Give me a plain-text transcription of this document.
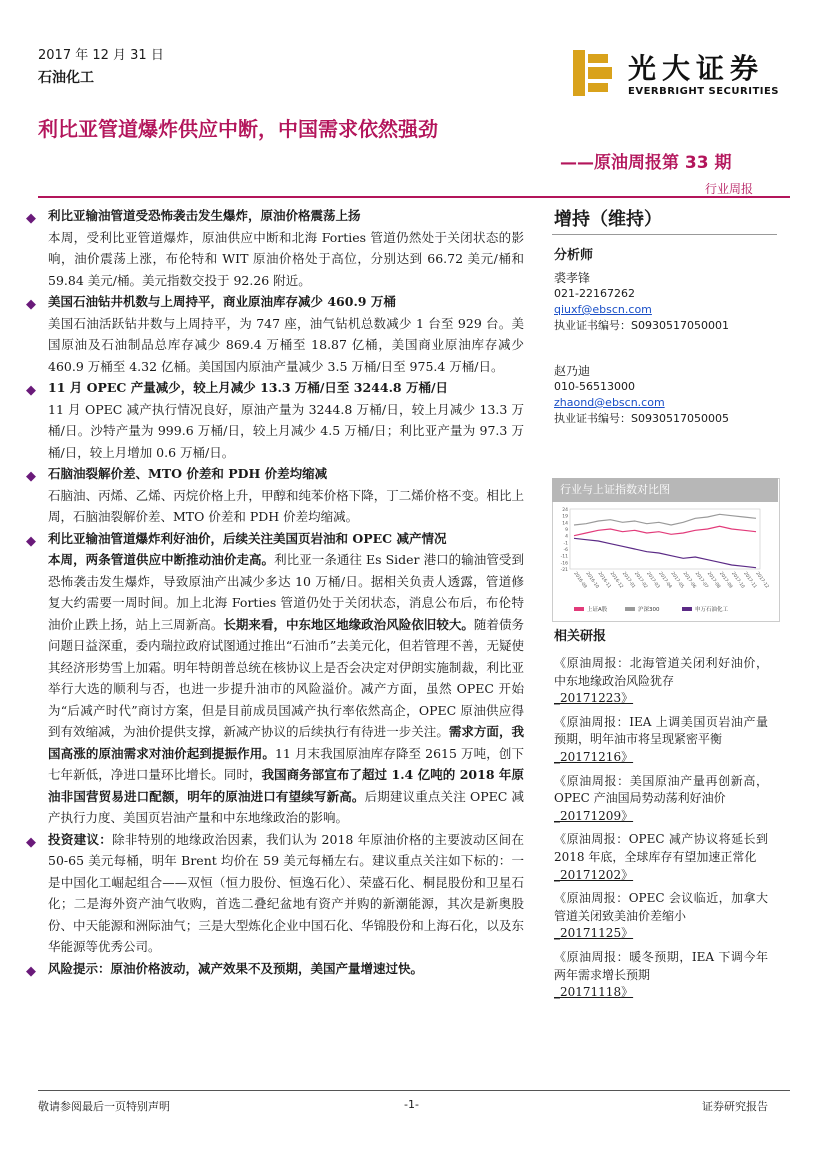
2017 年 12 月 31 日
石油化工	光大证券
EVERBRIGHT SECURITIES
利比亚管道爆炸供应中断，中国需求依然强劲
——原油周报第 33 期
行业周报
◆ 利比亚输油管道受恐怖袭击发生爆炸，原油价格震荡上扬
本周，受利比亚管道爆炸，原油供应中断和北海 Forties 管道仍然处于关闭状态的影响，油价震荡上涨，布伦特和 WIT 原油价格处于高位，分别达到 66.72 美元/桶和 59.84 美元/桶。美元指数交投于 92.26 附近。
◆ 美国石油钻井机数与上周持平，商业原油库存减少 460.9 万桶
美国石油活跃钻井数与上周持平，为 747 座，油气钻机总数减少 1 台至 929 台。美国原油及石油制品总库存减少 869.4 万桶至 18.87 亿桶，美国商业原油库存减少 460.9 万桶至 4.32 亿桶。美国国内原油产量减少 3.5 万桶/日至 975.4 万桶/日。
◆ 11 月 OPEC 产量减少，较上月减少 13.3 万桶/日至 3244.8 万桶/日
11 月 OPEC 减产执行情况良好，原油产量为 3244.8 万桶/日，较上月减少 13.3 万桶/日。沙特产量为 999.6 万桶/日，较上月减少 4.5 万桶/日；利比亚产量为 97.3 万桶/日，较上月增加 0.6 万桶/日。
◆ 石脑油裂解价差、MTO 价差和 PDH 价差均缩减
石脑油、丙烯、乙烯、丙烷价格上升，甲醇和纯苯价格下降，丁二烯价格不变。相比上周，石脑油裂解价差、MTO 价差和 PDH 价差均缩减。
◆ 利比亚输油管道爆炸利好油价，后续关注美国页岩油和 OPEC 减产情况
本周，两条管道供应中断推动油价走高。利比亚一条通往 Es Sider 港口的输油管受到恐怖袭击发生爆炸，导致原油产出减少多达 10 万桶/日。据相关负责人透露，管道修复大约需要一周时间。加上北海 Forties 管道仍处于关闭状态，消息公布后，布伦特油价止跌上扬，站上三周新高。长期来看，中东地区地缘政治风险依旧较大。随着债务问题日益深重，委内瑞拉政府试图通过推出“石油币”去美元化，但若管理不善，无疑使其经济形势雪上加霜。明年特朗普总统在核协议上是否会决定对伊朗实施制裁，利比亚举行大选的顺利与否，也进一步提升油市的风险溢价。减产方面，虽然 OPEC 开始为“后减产时代”商讨方案，但是目前成员国减产执行率依然高企，OPEC 原油供应得到有效缩减，为油价提供支撑，新减产协议的后续执行有待进一步关注。需求方面，我国高涨的原油需求对油价起到提振作用。11 月末我国原油库存降至 2615 万吨，创下七年新低，净进口量环比增长。同时，我国商务部宣布了超过 1.4 亿吨的 2018 年原油非国营贸易进口配额，明年的原油进口有望续写新高。后期建议重点关注 OPEC 减产执行力度、美国页岩油产量和中东地缘政治的影响。
◆ 投资建议：除非特别的地缘政治因素，我们认为 2018 年原油价格的主要波动区间在 50-65 美元每桶，明年 Brent 均价在 59 美元每桶左右。建议重点关注如下标的：一是中国化工崛起组合——双恒（恒力股份、恒逸石化）、荣盛石化、桐昆股份和卫星石化；二是海外资产油气收购，首选二叠纪盆地有资产并购的新潮能源，其次是新奥股份、中天能源和洲际油气；三是大型炼化企业中国石化、华锦股份和上海石化，以及东华能源等优秀公司。
◆ 风险提示：原油价格波动，减产效果不及预期，美国产量增速过快。
增持（维持）
分析师
裘孝锋
021-22167262
qiuxf@ebscn.com
执业证书编号：S0930517050001
赵乃迪
010-56513000
zhaond@ebscn.com
执业证书编号：S0930517050005
行业与上证指数对比图
24
19
14
9
4
-1
-6
-11
-16
-21
2016-09
2016-10
2016-11
2016-12
2017-01
2017-02
2017-03
2017-04
2017-05
2017-06
2017-07
2017-08
2017-09
2017-10
2017-11
2017-12
上证A股	沪深300	申万石油化工
相关研报
《原油周报：北海管道关闭利好油价，中东地缘政治风险犹存
_20171223》
《原油周报：IEA 上调美国页岩油产量预期，明年油市将呈现紧密平衡
_20171216》
《原油周报：美国原油产量再创新高，OPEC 产油国局势动荡利好油价
_20171209》
《原油周报：OPEC 减产协议将延长到 2018 年底，全球库存有望加速正常化
_20171202》
《原油周报：OPEC 会议临近，加拿大管道关闭致美油价差缩小
_20171125》
《原油周报：暖冬预期，IEA 下调今年两年需求增长预期
_20171118》
敬请参阅最后一页特别声明	-1-	证券研究报告
